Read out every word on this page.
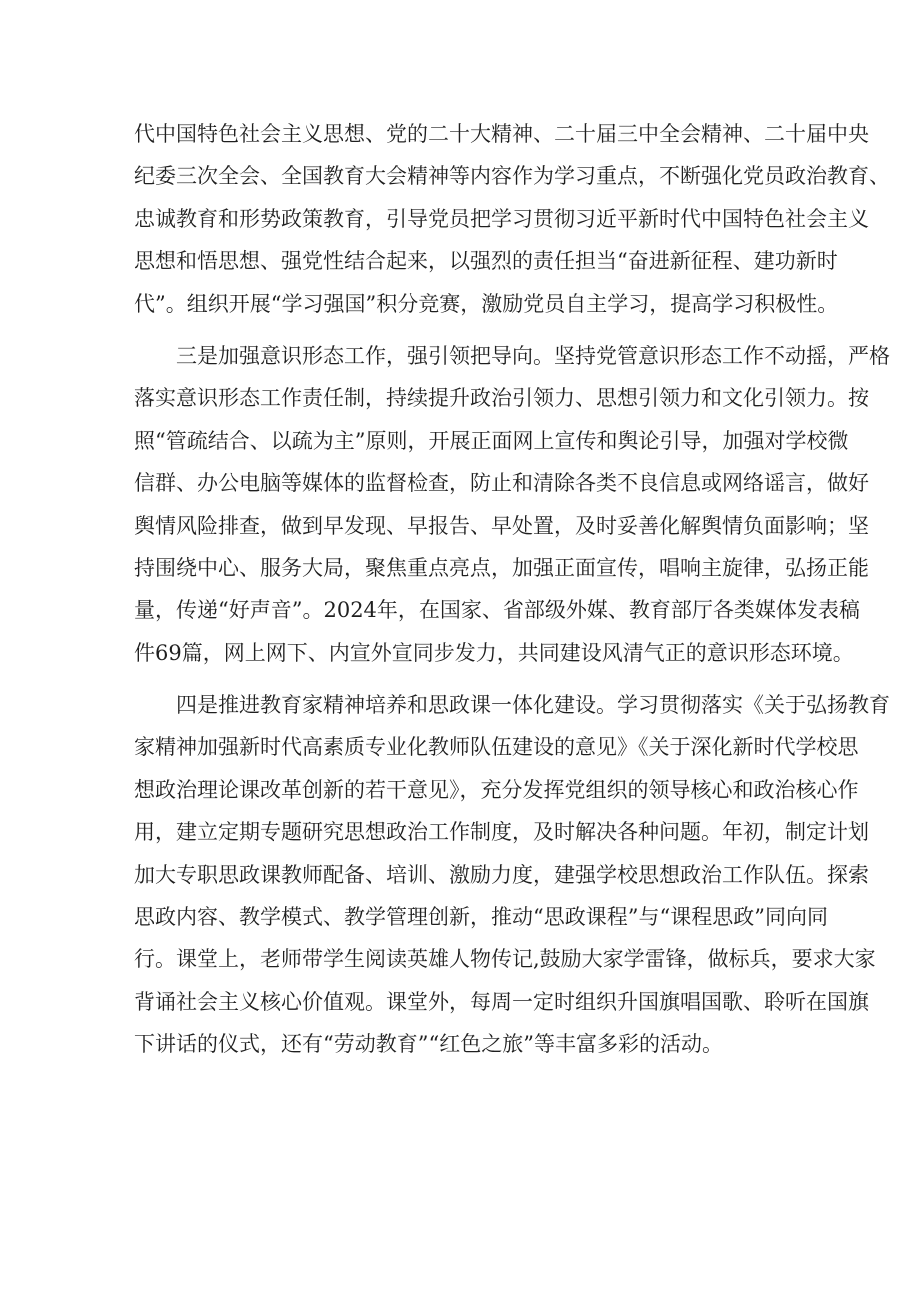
代中国特色社会主义思想、党的二十大精神、二十届三中全会精神、二十届中央
纪委三次全会、全国教育大会精神等内容作为学习重点，不断强化党员政治教育、
忠诚教育和形势政策教育，引导党员把学习贯彻习近平新时代中国特色社会主义
思想和悟思想、强党性结合起来，以强烈的责任担当“奋进新征程、建功新时
代”。组织开展“学习强国”积分竞赛，激励党员自主学习，提高学习积极性。
三是加强意识形态工作，强引领把导向。坚持党管意识形态工作不动摇，严格
落实意识形态工作责任制，持续提升政治引领力、思想引领力和文化引领力。按
照“管疏结合、以疏为主”原则，开展正面网上宣传和舆论引导，加强对学校微
信群、办公电脑等媒体的监督检查，防止和清除各类不良信息或网络谣言，做好
舆情风险排查，做到早发现、早报告、早处置，及时妥善化解舆情负面影响；坚
持围绕中心、服务大局，聚焦重点亮点，加强正面宣传，唱响主旋律，弘扬正能
量，传递“好声音”。2024年，在国家、省部级外媒、教育部厅各类媒体发表稿
件69篇，网上网下、内宣外宣同步发力，共同建设风清气正的意识形态环境。
四是推进教育家精神培养和思政课一体化建设。学习贯彻落实《关于弘扬教育
家精神加强新时代高素质专业化教师队伍建设的意见》《关于深化新时代学校思
想政治理论课改革创新的若干意见》，充分发挥党组织的领导核心和政治核心作
用，建立定期专题研究思想政治工作制度，及时解决各种问题。年初，制定计划
加大专职思政课教师配备、培训、激励力度，建强学校思想政治工作队伍。探索
思政内容、教学模式、教学管理创新，推动“思政课程”与“课程思政”同向同
行。课堂上，老师带学生阅读英雄人物传记,鼓励大家学雷锋，做标兵，要求大家
背诵社会主义核心价值观。课堂外，每周一定时组织升国旗唱国歌、聆听在国旗
下讲话的仪式，还有“劳动教育”“红色之旅”等丰富多彩的活动。
